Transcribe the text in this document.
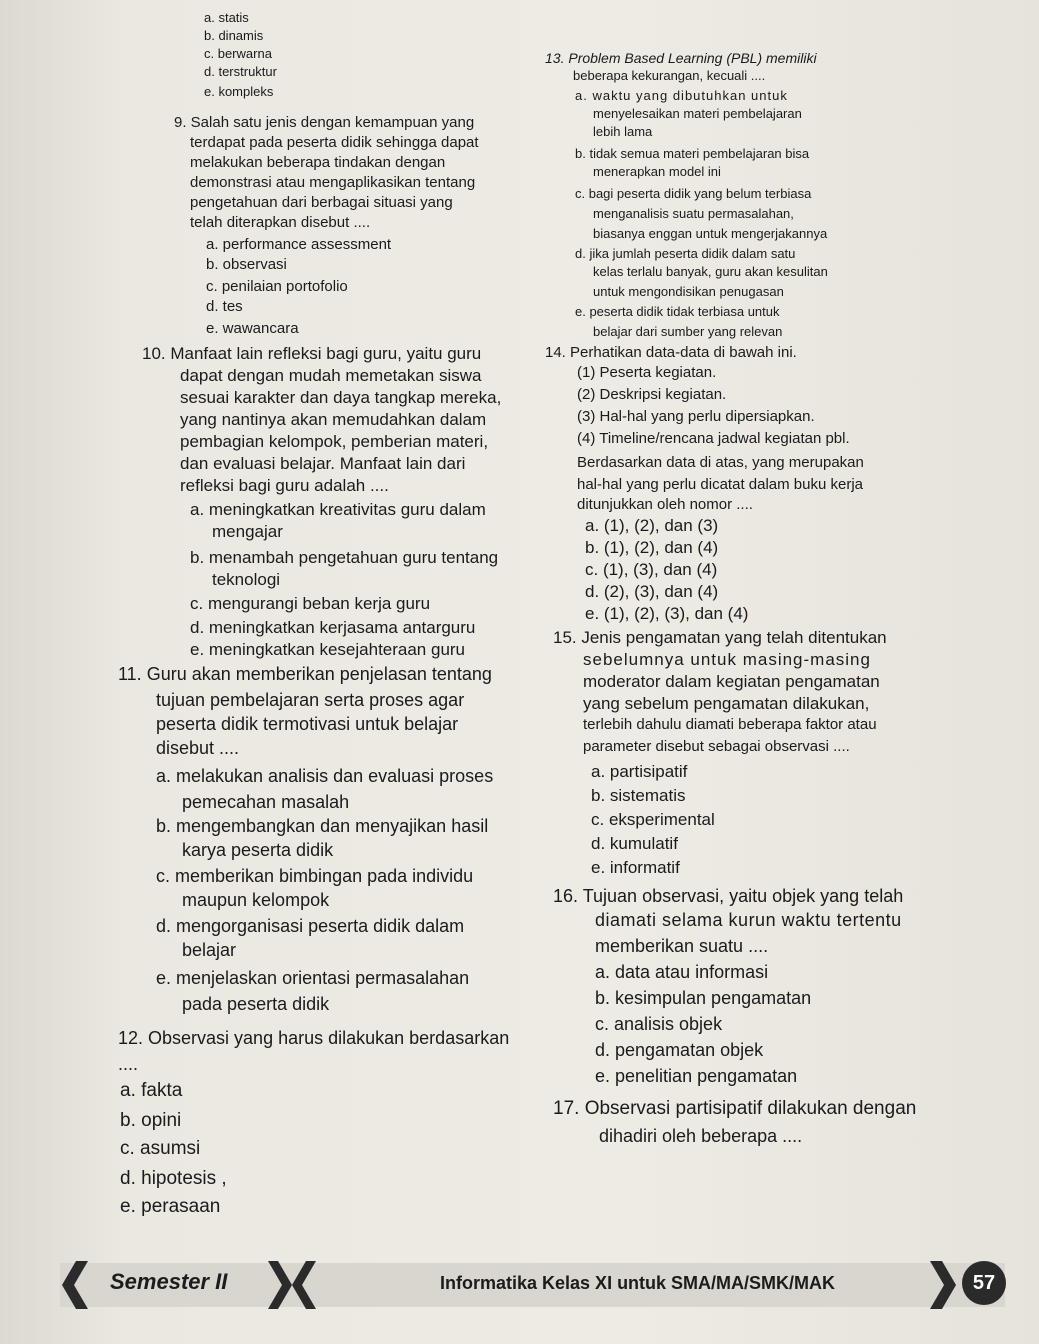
a. statis
b. dinamis
c. berwarna
d. terstruktur
e. kompleks
9. Salah satu jenis dengan kemampuan yang
terdapat pada peserta didik sehingga dapat
melakukan beberapa tindakan dengan
demonstrasi atau mengaplikasikan tentang
pengetahuan dari berbagai situasi yang
telah diterapkan disebut ....
a. performance assessment
b. observasi
c. penilaian portofolio
d. tes
e. wawancara
10. Manfaat lain refleksi bagi guru, yaitu guru
dapat dengan mudah memetakan siswa
sesuai karakter dan daya tangkap mereka,
yang nantinya akan memudahkan dalam
pembagian kelompok, pemberian materi,
dan evaluasi belajar. Manfaat lain dari
refleksi bagi guru adalah ....
a. meningkatkan kreativitas guru dalam
mengajar
b. menambah pengetahuan guru tentang
teknologi
c. mengurangi beban kerja guru
d. meningkatkan kerjasama antarguru
e. meningkatkan kesejahteraan guru
11. Guru akan memberikan penjelasan tentang
tujuan pembelajaran serta proses agar
peserta didik termotivasi untuk belajar
disebut ....
a. melakukan analisis dan evaluasi proses
pemecahan masalah
b. mengembangkan dan menyajikan hasil
karya peserta didik
c. memberikan bimbingan pada individu
maupun kelompok
d. mengorganisasi peserta didik dalam
belajar
e. menjelaskan orientasi permasalahan
pada peserta didik
12. Observasi yang harus dilakukan berdasarkan
....
a. fakta
b. opini
c. asumsi
d. hipotesis ,
e. perasaan
13. Problem Based Learning (PBL) memiliki
beberapa kekurangan, kecuali ....
a. waktu yang dibutuhkan untuk
menyelesaikan materi pembelajaran
lebih lama
b. tidak semua materi pembelajaran bisa
menerapkan model ini
c. bagi peserta didik yang belum terbiasa
menganalisis suatu permasalahan,
biasanya enggan untuk mengerjakannya
d. jika jumlah peserta didik dalam satu
kelas terlalu banyak, guru akan kesulitan
untuk mengondisikan penugasan
e. peserta didik tidak terbiasa untuk
belajar dari sumber yang relevan
14. Perhatikan data-data di bawah ini.
(1) Peserta kegiatan.
(2) Deskripsi kegiatan.
(3) Hal-hal yang perlu dipersiapkan.
(4) Timeline/rencana jadwal kegiatan pbl.
Berdasarkan data di atas, yang merupakan
hal-hal yang perlu dicatat dalam buku kerja
ditunjukkan oleh nomor ....
a. (1), (2), dan (3)
b. (1), (2), dan (4)
c. (1), (3), dan (4)
d. (2), (3), dan (4)
e. (1), (2), (3), dan (4)
15. Jenis pengamatan yang telah ditentukan
sebelumnya untuk masing-masing
moderator dalam kegiatan pengamatan
yang sebelum pengamatan dilakukan,
terlebih dahulu diamati beberapa faktor atau
parameter disebut sebagai observasi ....
a. partisipatif
b. sistematis
c. eksperimental
d. kumulatif
e. informatif
16. Tujuan observasi, yaitu objek yang telah
diamati selama kurun waktu tertentu
memberikan suatu ....
a. data atau informasi
b. kesimpulan pengamatan
c. analisis objek
d. pengamatan objek
e. penelitian pengamatan
17. Observasi partisipatif dilakukan dengan
dihadiri oleh beberapa ....
Semester II	Informatika Kelas XI untuk SMA/MA/SMK/MAK	57
